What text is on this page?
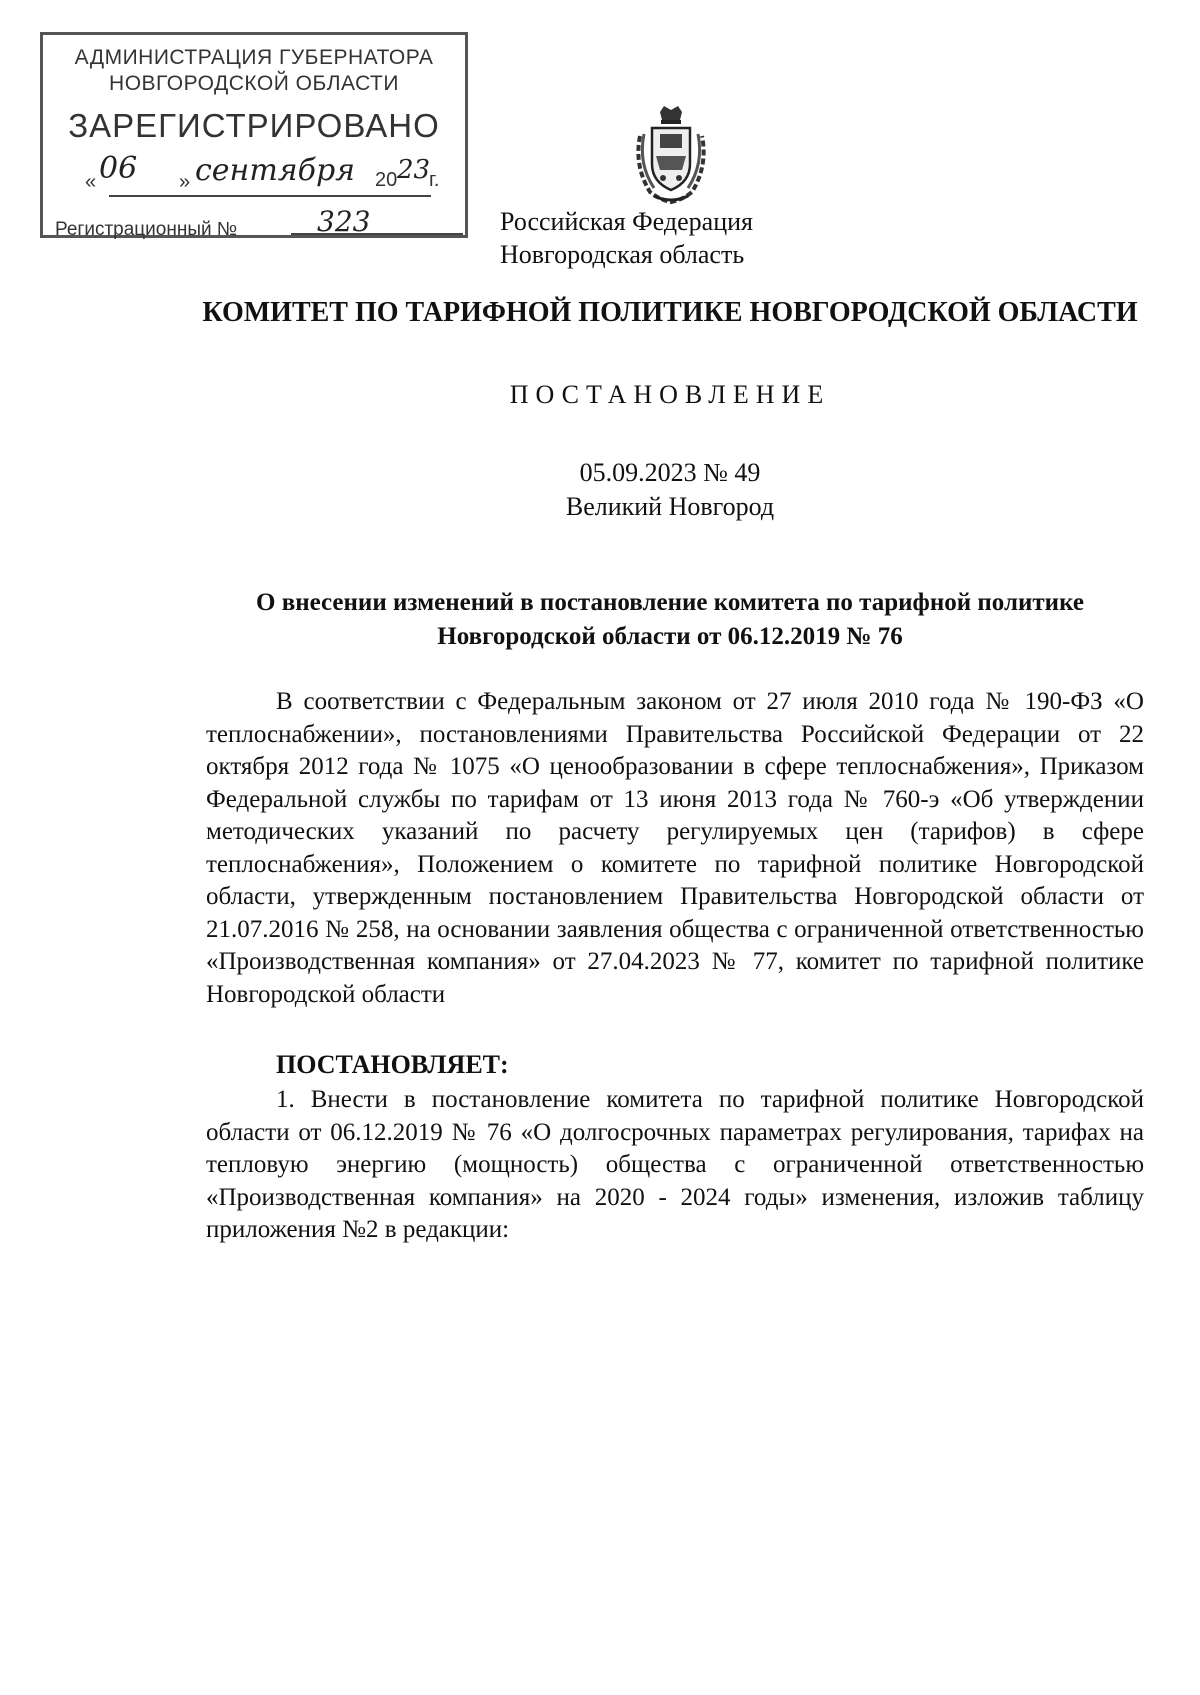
АДМИНИСТРАЦИЯ ГУБЕРНАТОРА
НОВГОРОДСКОЙ ОБЛАСТИ
ЗАРЕГИСТРИРОВАНО
« 06 » сентября 20 23
г.
Регистрационный №	323	Российская Федерация
Новгородская область
КОМИТЕТ ПО ТАРИФНОЙ ПОЛИТИКЕ НОВГОРОДСКОЙ ОБЛАСТИ
ПОСТАНОВЛЕНИЕ
05.09.2023 № 49
Великий Новгород
О внесении изменений в постановление комитета по тарифной политике Новгородской области от 06.12.2019 № 76
В соответствии с Федеральным законом от 27 июля 2010 года № 190-ФЗ «О теплоснабжении», постановлениями Правительства Российской Федерации от 22 октября 2012 года № 1075 «О ценообразовании в сфере теплоснабжения», Приказом Федеральной службы по тарифам от 13 июня 2013 года № 760-э «Об утверждении методических указаний по расчету регулируемых цен (тарифов) в сфере теплоснабжения», Положением о комитете по тарифной политике Новгородской области, утвержденным постановлением Правительства Новгородской области от 21.07.2016 № 258, на основании заявления общества с ограниченной ответственностью «Производственная компания» от 27.04.2023 № 77, комитет по тарифной политике Новгородской области
ПОСТАНОВЛЯЕТ:
1. Внести в постановление комитета по тарифной политике Новгородской области от 06.12.2019 № 76 «О долгосрочных параметрах регулирования, тарифах на тепловую энергию (мощность) общества с ограниченной ответственностью «Производственная компания» на 2020 - 2024 годы» изменения, изложив таблицу приложения №2 в редакции:
